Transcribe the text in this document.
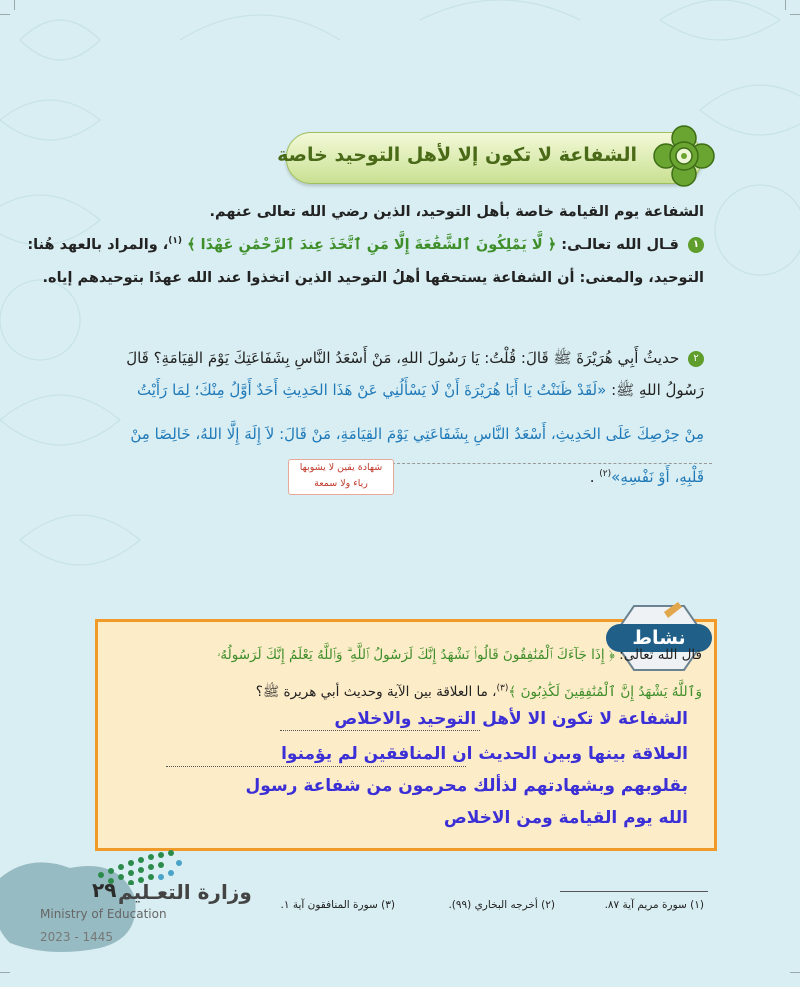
الشفاعة لا تكون إلا لأهل التوحيد خاصة
الشفاعة يوم القيامة خاصة بأهل التوحيد، الذين رضي الله تعالى عنهم.
١ قـال الله تعالـى: ﴿ لَّا يَمْلِكُونَ ٱلشَّفَٰعَةَ إِلَّا مَنِ ٱتَّخَذَ عِندَ ٱلرَّحْمَٰنِ عَهْدًا ﴾ $^{(١)}$، والمراد بالعهد هُنا:
التوحيد، والمعنى: أن الشفاعة يستحقها أهلُ التوحيد الذين اتخذوا عند الله عهدًا بتوحيدهم إياه.
٢ حديثُ أَبِي هُرَيْرَةَ ﷺ قَالَ: قُلْتُ: يَا رَسُولَ اللهِ، مَنْ أَسْعَدُ النَّاسِ بِشَفَاعَتِكَ يَوْمَ القِيَامَةِ؟ قَالَ
رَسُولُ اللهِ ﷺ: «لَقَدْ ظَنَنْتُ يَا أَبَا هُرَيْرَةَ أَنْ لَا يَسْأَلُنِي عَنْ هَذَا الحَدِيثِ أَحَدٌ أَوَّلُ مِنْكَ؛ لِمَا رَأَيْتُ
مِنْ حِرْصِكَ عَلَى الحَدِيثِ، أَسْعَدُ النَّاسِ بِشَفَاعَتِي يَوْمَ القِيَامَةِ، مَنْ قَالَ: لاَ إِلَهَ إِلَّا اللهُ، خَالِصًا مِنْ
قَلْبِهِ، أَوْ نَفْسِهِ»$^{(٢)}$ .
شهادة يقين لا يشوبها
رياء ولا سمعة
نشاط
قال الله تعالى: ﴿ إِذَا جَآءَكَ ٱلْمُنَٰفِقُونَ قَالُوا۟ نَشْهَدُ إِنَّكَ لَرَسُولُ ٱللَّهِ ۗ وَٱللَّهُ يَعْلَمُ إِنَّكَ لَرَسُولُهُۥ
وَٱللَّهُ يَشْهَدُ إِنَّ ٱلْمُنَٰفِقِينَ لَكَٰذِبُونَ ﴾$^{(٣)}$، ما العلاقة بين الآية وحديث أبي هريرة ﷺ؟
الشفاعة لا تكون الا لأهل التوحيد والاخلاص
العلاقة بينها وبين الحديث ان المنافقين لم يؤمنوا
بقلوبهم وبشهادتهم لذألك محرمون من شفاعة رسول
الله يوم القيامة ومن الاخلاص
(١) سورة مريم آية ٨٧.
(٢) أخرجه البخاري (٩٩).
(٣) سورة المنافقون آية ١.
وزارة التعـليم
٢٩
Ministry of Education
2023 - 1445
